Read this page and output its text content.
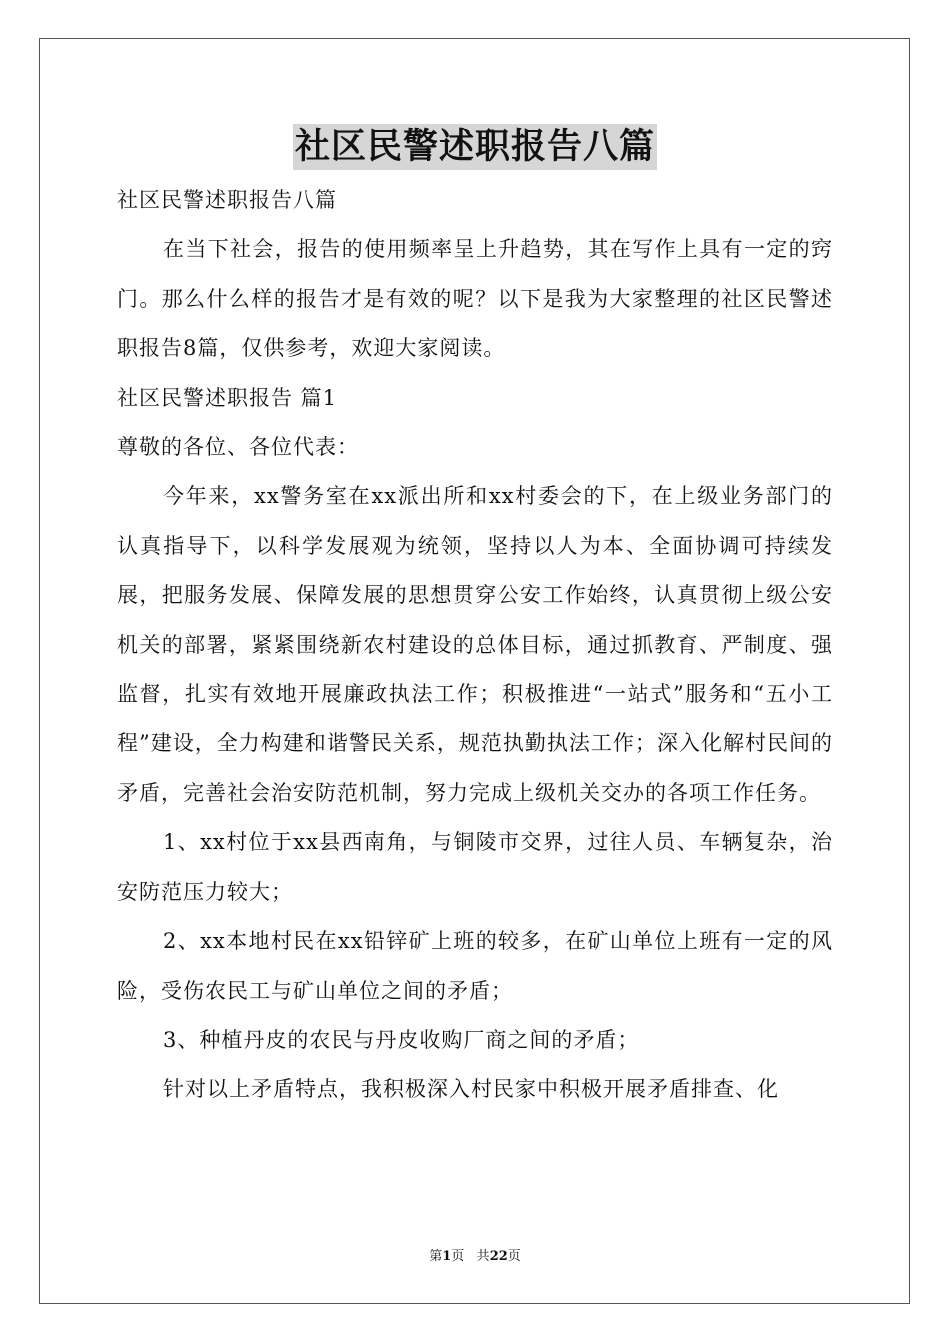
社区民警述职报告八篇

社区民警述职报告八篇

在当下社会，报告的使用频率呈上升趋势，其在写作上具有一定的窍门。那么什么样的报告才是有效的呢？以下是我为大家整理的社区民警述职报告8篇，仅供参考，欢迎大家阅读。

社区民警述职报告 篇1

尊敬的各位、各位代表：

今年来，xx警务室在xx派出所和xx村委会的下，在上级业务部门的认真指导下，以科学发展观为统领，坚持以人为本、全面协调可持续发展，把服务发展、保障发展的思想贯穿公安工作始终，认真贯彻上级公安机关的部署，紧紧围绕新农村建设的总体目标，通过抓教育、严制度、强监督，扎实有效地开展廉政执法工作；积极推进“一站式”服务和“五小工程”建设，全力构建和谐警民关系，规范执勤执法工作；深入化解村民间的矛盾，完善社会治安防范机制，努力完成上级机关交办的各项工作任务。

1、xx村位于xx县西南角，与铜陵市交界，过往人员、车辆复杂，治安防范压力较大；

2、xx本地村民在xx铅锌矿上班的较多，在矿山单位上班有一定的风险，受伤农民工与矿山单位之间的矛盾；

3、种植丹皮的农民与丹皮收购厂商之间的矛盾；

针对以上矛盾特点，我积极深入村民家中积极开展矛盾排查、化

第1页 共22页
